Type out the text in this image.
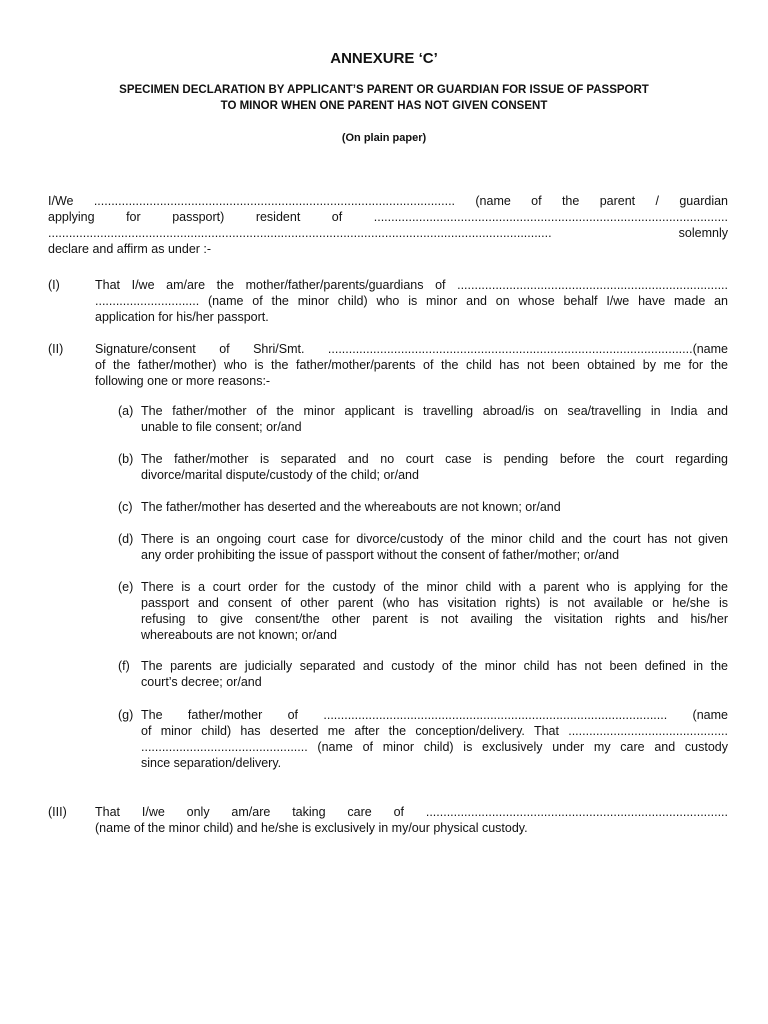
ANNEXURE ‘C’
SPECIMEN DECLARATION BY APPLICANT’S PARENT OR GUARDIAN FOR ISSUE OF PASSPORT
TO MINOR WHEN ONE PARENT HAS NOT GIVEN CONSENT
(On plain paper)
I/We ........................................................................................................ (name of the parent / guardian
applying for passport) resident of ......................................................................................................
................................................................................................................................................. solemnly
declare and affirm as under :-
(I)	That I/we am/are the mother/father/parents/guardians of ..............................................................................
.............................. (name of the minor child) who is minor and on whose behalf I/we have made an
application for his/her passport.
(II)	Signature/consent of Shri/Smt. .........................................................................................................(name
of the father/mother) who is the father/mother/parents of the child has not been obtained by me for the
following one or more reasons:-
(a) The father/mother of the minor applicant is travelling abroad/is on sea/travelling in India and
unable to file consent; or/and
(b) The father/mother is separated and no court case is pending before the court regarding
divorce/marital dispute/custody of the child; or/and
(c) The father/mother has deserted and the whereabouts are not known; or/and
(d) There is an ongoing court case for divorce/custody of the minor child and the court has not given
any order prohibiting the issue of passport without the consent of father/mother; or/and
(e) There is a court order for the custody of the minor child with a parent who is applying for the
passport and consent of other parent (who has visitation rights) is not available or he/she is
refusing to give consent/the other parent is not availing the visitation rights and his/her
whereabouts are not known; or/and
(f) The parents are judicially separated and custody of the minor child has not been defined in the
court’s decree; or/and
(g) The father/mother of ................................................................................................... (name
of minor child) has deserted me after the conception/delivery. That ..............................................
................................................ (name of minor child) is exclusively under my care and custody
since separation/delivery.
(III) That I/we only am/are taking care of .......................................................................................
(name of the minor child) and he/she is exclusively in my/our physical custody.
